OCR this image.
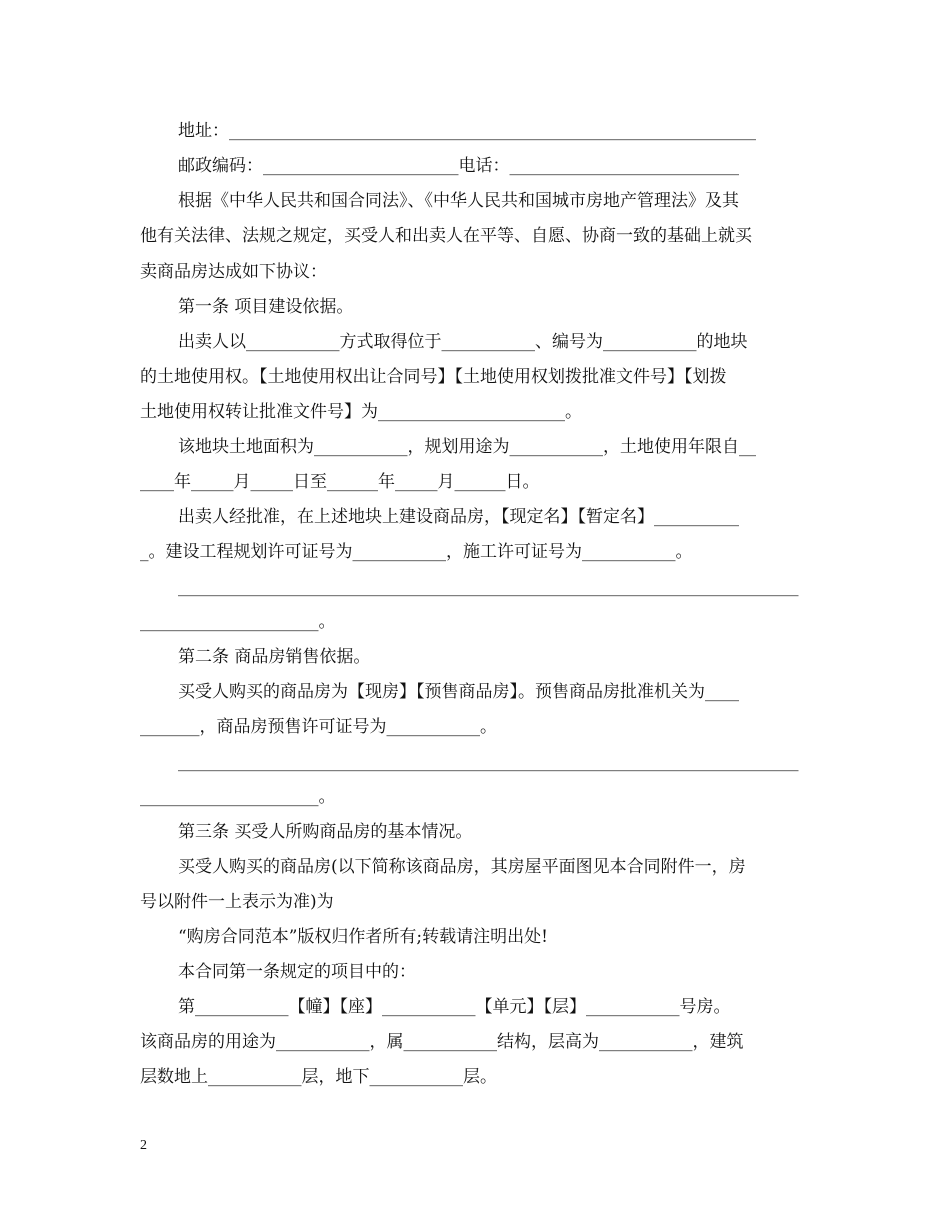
地址：______________________________________________________________
邮政编码：_______________________电话：___________________________
根据《中华人民共和国合同法》、《中华人民共和国城市房地产管理法》及其
他有关法律、法规之规定，买受人和出卖人在平等、自愿、协商一致的基础上就买
卖商品房达成如下协议：
第一条 项目建设依据。
出卖人以___________方式取得位于___________、编号为___________的地块
的土地使用权。【土地使用权出让合同号】【土地使用权划拨批准文件号】【划拨
土地使用权转让批准文件号】为______________________。
该地块土地面积为___________，规划用途为___________，土地使用年限自__
____年_____月_____日至______年_____月______日。
出卖人经批准，在上述地块上建设商品房，【现定名】【暂定名】__________
_。建设工程规划许可证号为___________，施工许可证号为___________。
_________________________________________________________________________
_____________________。
第二条 商品房销售依据。
买受人购买的商品房为【现房】【预售商品房】。预售商品房批准机关为____
_______，商品房预售许可证号为___________。
_________________________________________________________________________
_____________________。
第三条 买受人所购商品房的基本情况。
买受人购买的商品房(以下简称该商品房，其房屋平面图见本合同附件一，房
号以附件一上表示为准)为
“购房合同范本”版权归作者所有;转载请注明出处!
本合同第一条规定的项目中的：
第___________【幢】【座】___________【单元】【层】___________号房。
该商品房的用途为___________，属___________结构，层高为___________，建筑
层数地上___________层，地下___________层。
2
